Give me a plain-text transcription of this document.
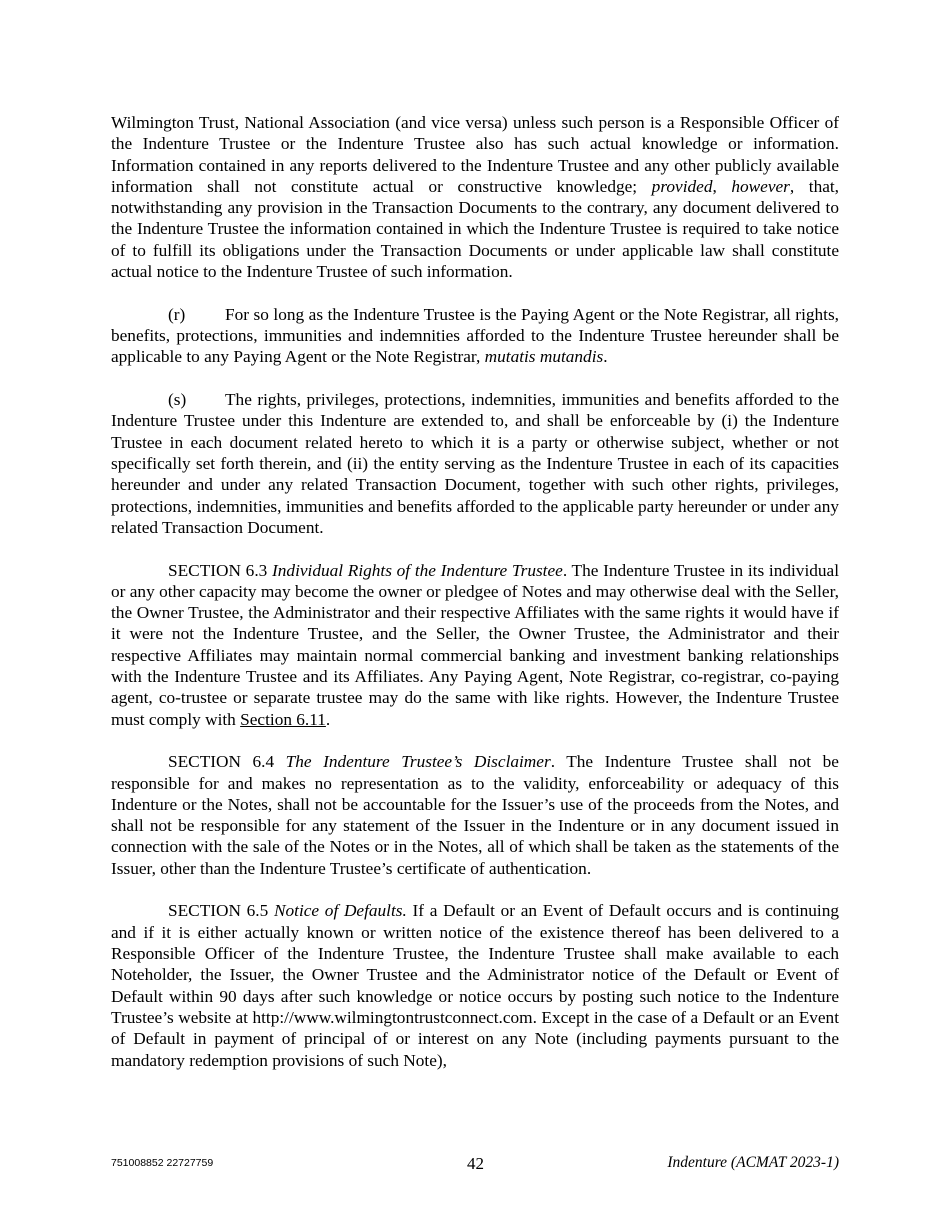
Wilmington Trust, National Association (and vice versa) unless such person is a Responsible Officer of the Indenture Trustee or the Indenture Trustee also has such actual knowledge or information. Information contained in any reports delivered to the Indenture Trustee and any other publicly available information shall not constitute actual or constructive knowledge; provided, however, that, notwithstanding any provision in the Transaction Documents to the contrary, any document delivered to the Indenture Trustee the information contained in which the Indenture Trustee is required to take notice of to fulfill its obligations under the Transaction Documents or under applicable law shall constitute actual notice to the Indenture Trustee of such information.

(r) For so long as the Indenture Trustee is the Paying Agent or the Note Registrar, all rights, benefits, protections, immunities and indemnities afforded to the Indenture Trustee hereunder shall be applicable to any Paying Agent or the Note Registrar, mutatis mutandis.

(s) The rights, privileges, protections, indemnities, immunities and benefits afforded to the Indenture Trustee under this Indenture are extended to, and shall be enforceable by (i) the Indenture Trustee in each document related hereto to which it is a party or otherwise subject, whether or not specifically set forth therein, and (ii) the entity serving as the Indenture Trustee in each of its capacities hereunder and under any related Transaction Document, together with such other rights, privileges, protections, indemnities, immunities and benefits afforded to the applicable party hereunder or under any related Transaction Document.

SECTION 6.3 Individual Rights of the Indenture Trustee. The Indenture Trustee in its individual or any other capacity may become the owner or pledgee of Notes and may otherwise deal with the Seller, the Owner Trustee, the Administrator and their respective Affiliates with the same rights it would have if it were not the Indenture Trustee, and the Seller, the Owner Trustee, the Administrator and their respective Affiliates may maintain normal commercial banking and investment banking relationships with the Indenture Trustee and its Affiliates. Any Paying Agent, Note Registrar, co-registrar, co-paying agent, co-trustee or separate trustee may do the same with like rights. However, the Indenture Trustee must comply with Section 6.11.

SECTION 6.4 The Indenture Trustee’s Disclaimer. The Indenture Trustee shall not be responsible for and makes no representation as to the validity, enforceability or adequacy of this Indenture or the Notes, shall not be accountable for the Issuer’s use of the proceeds from the Notes, and shall not be responsible for any statement of the Issuer in the Indenture or in any document issued in connection with the sale of the Notes or in the Notes, all of which shall be taken as the statements of the Issuer, other than the Indenture Trustee’s certificate of authentication.

SECTION 6.5 Notice of Defaults. If a Default or an Event of Default occurs and is continuing and if it is either actually known or written notice of the existence thereof has been delivered to a Responsible Officer of the Indenture Trustee, the Indenture Trustee shall make available to each Noteholder, the Issuer, the Owner Trustee and the Administrator notice of the Default or Event of Default within 90 days after such knowledge or notice occurs by posting such notice to the Indenture Trustee’s website at http://www.wilmingtontrustconnect.com. Except in the case of a Default or an Event of Default in payment of principal of or interest on any Note (including payments pursuant to the mandatory redemption provisions of such Note),

751008852 22727759	42	Indenture (ACMAT 2023-1)
